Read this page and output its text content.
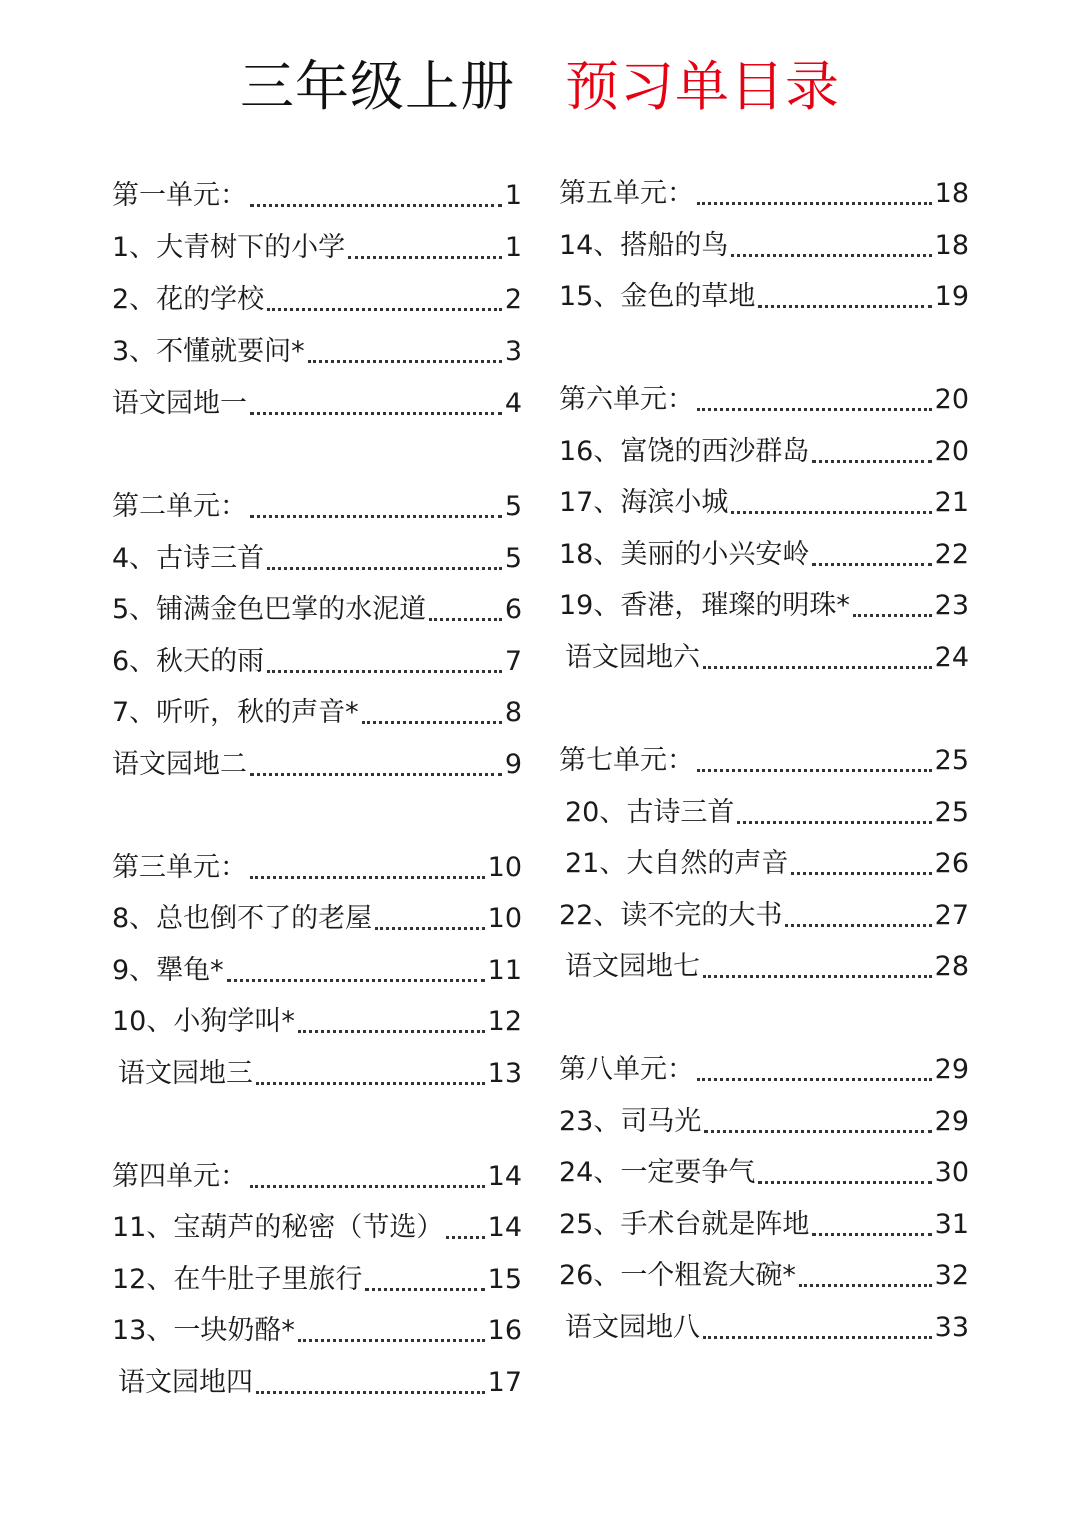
三年级上册 预习单目录
第一单元：	1
1、大青树下的小学	1
2、花的学校	2
3、不懂就要问*	3
语文园地一	4
第二单元：	5
4、古诗三首	5
5、铺满金色巴掌的水泥道	6
6、秋天的雨	7
7、听听，秋的声音*	8
语文园地二	9
第三单元：	10
8、总也倒不了的老屋	10
9、犟龟*	11
10、小狗学叫*	12
语文园地三	13
第四单元：	14
11、宝葫芦的秘密（节选） 14
12、在牛肚子里旅行	15
13、一块奶酪*	16
语文园地四	17
第五单元：	18
14、搭船的鸟	18
15、金色的草地	19
第六单元：	20
16、富饶的西沙群岛	20
17、海滨小城	21
18、美丽的小兴安岭	22
19、香港，璀璨的明珠*	23
语文园地六	24
第七单元：	25
20、古诗三首	25
21、大自然的声音	26
22、读不完的大书	27
语文园地七	28
第八单元：	29
23、司马光	29
24、一定要争气	30
25、手术台就是阵地	31
26、一个粗瓷大碗*	32
语文园地八	33
